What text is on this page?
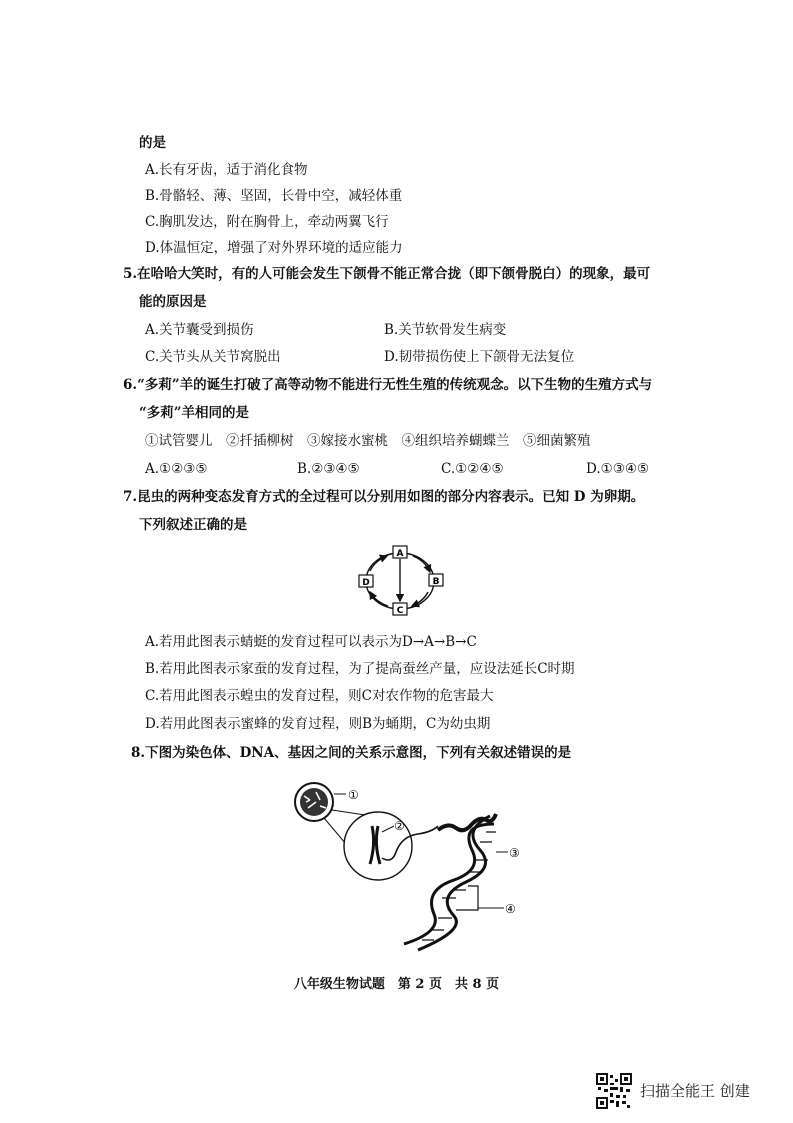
的是
A.长有牙齿，适于消化食物
B.骨骼轻、薄、坚固，长骨中空，减轻体重
C.胸肌发达，附在胸骨上，牵动两翼飞行
D.体温恒定，增强了对外界环境的适应能力
5.在哈哈大笑时，有的人可能会发生下颌骨不能正常合拢（即下颌骨脱白）的现象，最可
能的原因是
A.关节囊受到损伤	B.关节软骨发生病变
C.关节头从关节窝脱出	D.韧带损伤使上下颌骨无法复位
6.“多莉”羊的诞生打破了高等动物不能进行无性生殖的传统观念。以下生物的生殖方式与
“多莉”羊相同的是
①试管婴儿　②扦插柳树　③嫁接水蜜桃　④组织培养蝴蝶兰　⑤细菌繁殖
A.①②③⑤	B.②③④⑤	C.①②④⑤	D.①③④⑤
7.昆虫的两种变态发育方式的全过程可以分别用如图的部分内容表示。已知 D 为卵期。
下列叙述正确的是
A
B
C
D
A.若用此图表示蜻蜓的发育过程可以表示为D→A→B→C
B.若用此图表示家蚕的发育过程，为了提高蚕丝产量，应设法延长C时期
C.若用此图表示蝗虫的发育过程，则C对农作物的危害最大
D.若用此图表示蜜蜂的发育过程，则B为蛹期，C为幼虫期
8.下图为染色体、DNA、基因之间的关系示意图，下列有关叙述错误的是
①
②
③
④
八年级生物试题　第 2 页　共 8 页
扫描全能王 创建
